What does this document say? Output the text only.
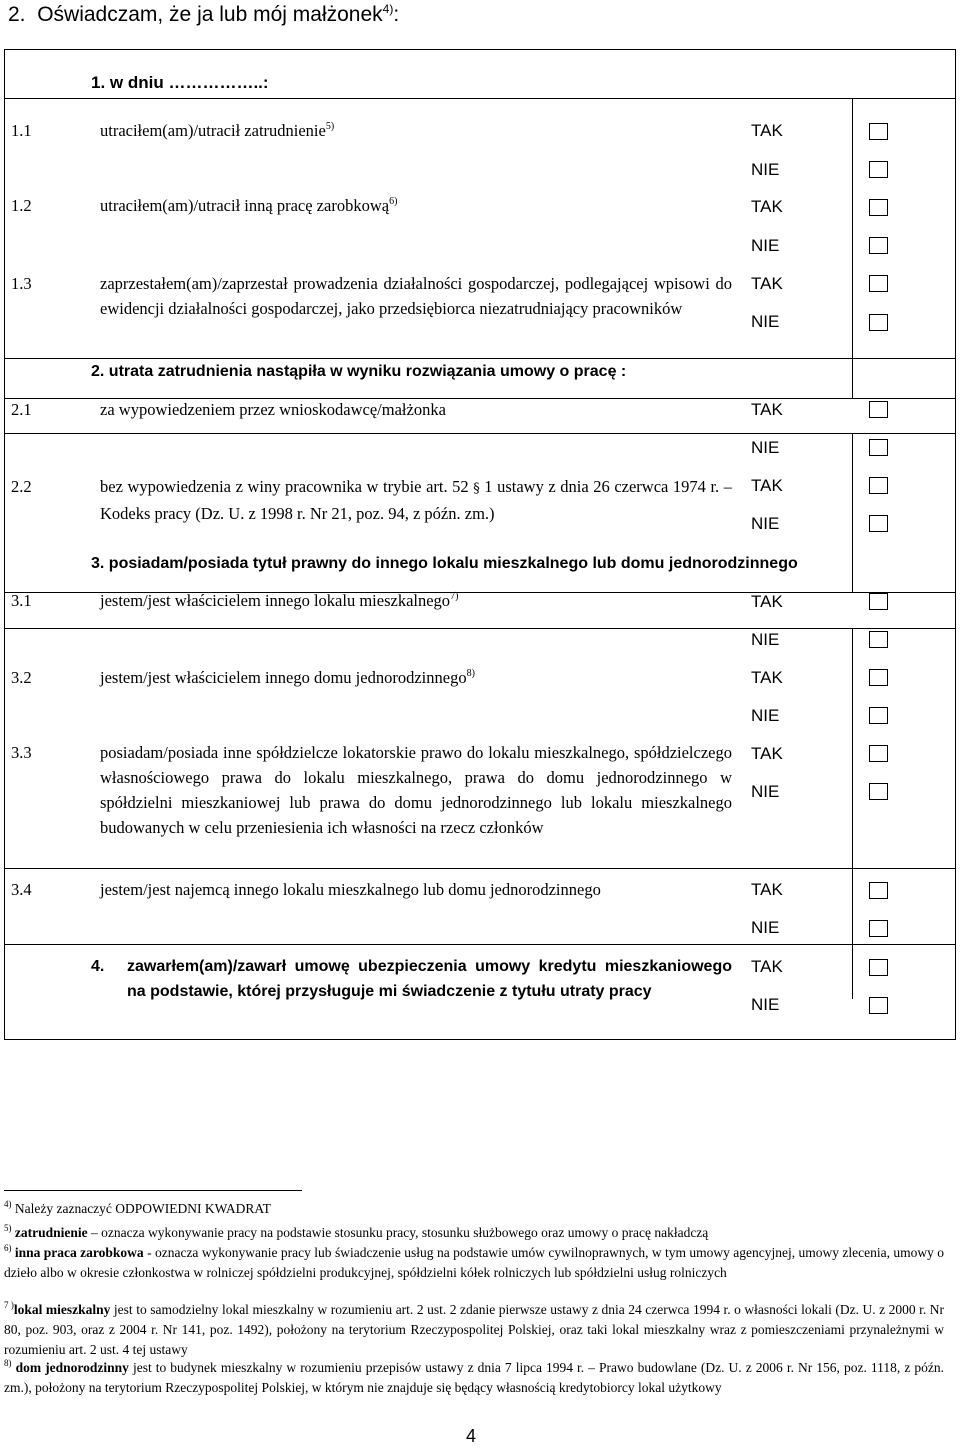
2. Oświadczam, że ja lub mój małżonek$^{4)}$:
1. w dniu ……………..:
1.1	utraciłem(am)/utracił zatrudnienie$^{5)}$	TAK
NIE
1.2	utraciłem(am)/utracił inną pracę zarobkową$^{6)}$	TAK
NIE
1.3	zaprzestałem(am)/zaprzestał prowadzenia działalności gospodarczej, podlegającej wpisowi do ewidencji działalności gospodarczej, jako przedsiębiorca niezatrudniający pracowników
TAK
NIE
2. utrata zatrudnienia nastąpiła w wyniku rozwiązania umowy o pracę :
2.1	za wypowiedzeniem przez wnioskodawcę/małżonka	TAK
NIE
2.2	bez wypowiedzenia z winy pracownika w trybie art. 52 § 1 ustawy z dnia 26 czerwca 1974 r. – Kodeks pracy (Dz. U. z 1998 r. Nr 21, poz. 94, z późn. zm.)
TAK
NIE
3. posiadam/posiada tytuł prawny do innego lokalu mieszkalnego lub domu jednorodzinnego
3.1	jestem/jest właścicielem innego lokalu mieszkalnego$^{7)}$	TAK
NIE
3.2	jestem/jest właścicielem innego domu jednorodzinnego$^{8)}$	TAK
NIE
3.3	posiadam/posiada inne spółdzielcze lokatorskie prawo do lokalu mieszkalnego, spółdzielczego własnościowego prawa do lokalu mieszkalnego, prawa do domu jednorodzinnego w spółdzielni mieszkaniowej lub prawa do domu jednorodzinnego lub lokalu mieszkalnego budowanych w celu przeniesienia ich własności na rzecz członków
TAK
NIE
3.4	jestem/jest najemcą innego lokalu mieszkalnego lub domu jednorodzinnego	TAK
NIE
4. zawarłem(am)/zawarł umowę ubezpieczenia umowy kredytu mieszkaniowego na podstawie, której przysługuje mi świadczenie z tytułu utraty pracy
TAK
NIE
$^{4)}$ Należy zaznaczyć ODPOWIEDNI KWADRAT
$^{5)}$ zatrudnienie – oznacza wykonywanie pracy na podstawie stosunku pracy, stosunku służbowego oraz umowy o pracę nakładczą
$^{6)}$ inna praca zarobkowa - oznacza wykonywanie pracy lub świadczenie usług na podstawie umów cywilnoprawnych, w tym umowy agencyjnej, umowy zlecenia, umowy o dzieło albo w okresie członkostwa w rolniczej spółdzielni produkcyjnej, spółdzielni kółek rolniczych lub spółdzielni usług rolniczych
$^{7 )}$lokal mieszkalny jest to samodzielny lokal mieszkalny w rozumieniu art. 2 ust. 2 zdanie pierwsze ustawy z dnia 24 czerwca 1994 r. o własności lokali (Dz. U. z 2000 r. Nr 80, poz. 903, oraz z 2004 r. Nr 141, poz. 1492), położony na terytorium Rzeczypospolitej Polskiej, oraz taki lokal mieszkalny wraz z pomieszczeniami przynależnymi w rozumieniu art. 2 ust. 4 tej ustawy
$^{8)}$ dom jednorodzinny jest to budynek mieszkalny w rozumieniu przepisów ustawy z dnia 7 lipca 1994 r. – Prawo budowlane (Dz. U. z 2006 r. Nr 156, poz. 1118, z późn. zm.), położony na terytorium Rzeczypospolitej Polskiej, w którym nie znajduje się będący własnością kredytobiorcy lokal użytkowy
4
